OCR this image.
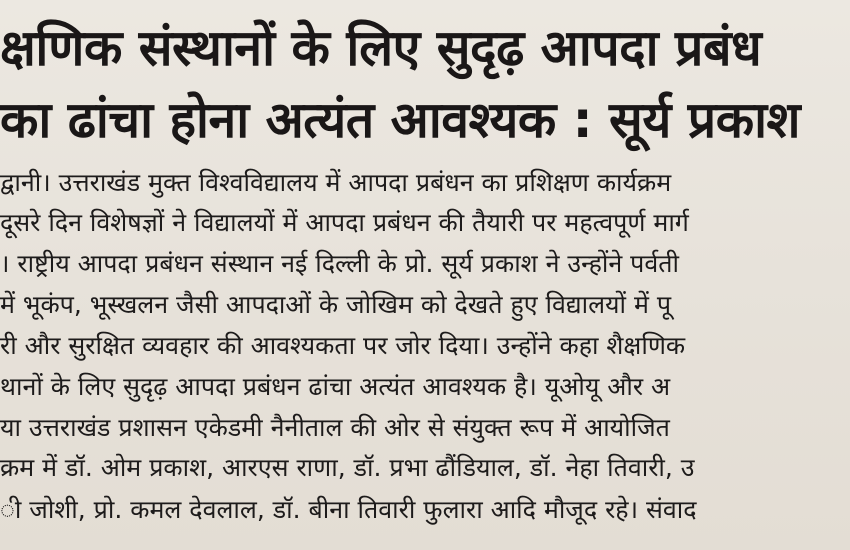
क्षणिक संस्थानों के लिए सुदृढ़ आपदा प्रबंध
का ढांचा होना अत्यंत आवश्यक : सूर्य प्रकाश
द्वानी। उत्तराखंड मुक्त विश्वविद्यालय में आपदा प्रबंधन का प्रशिक्षण कार्यक्रम
दूसरे दिन विशेषज्ञों ने विद्यालयों में आपदा प्रबंधन की तैयारी पर महत्वपूर्ण मार्ग
। राष्ट्रीय आपदा प्रबंधन संस्थान नई दिल्ली के प्रो. सूर्य प्रकाश ने उन्होंने पर्वती
में भूकंप, भूस्खलन जैसी आपदाओं के जोखिम को देखते हुए विद्यालयों में पू
री और सुरक्षित व्यवहार की आवश्यकता पर जोर दिया। उन्होंने कहा शैक्षणिक
थानों के लिए सुदृढ़ आपदा प्रबंधन ढांचा अत्यंत आवश्यक है। यूओयू और अ
या उत्तराखंड प्रशासन एकेडमी नैनीताल की ओर से संयुक्त रूप में आयोजित
क्रम में डॉ. ओम प्रकाश, आरएस राणा, डॉ. प्रभा ढौंडियाल, डॉ. नेहा तिवारी, उ
ी जोशी, प्रो. कमल देवलाल, डॉ. बीना तिवारी फुलारा आदि मौजूद रहे। संवाद
